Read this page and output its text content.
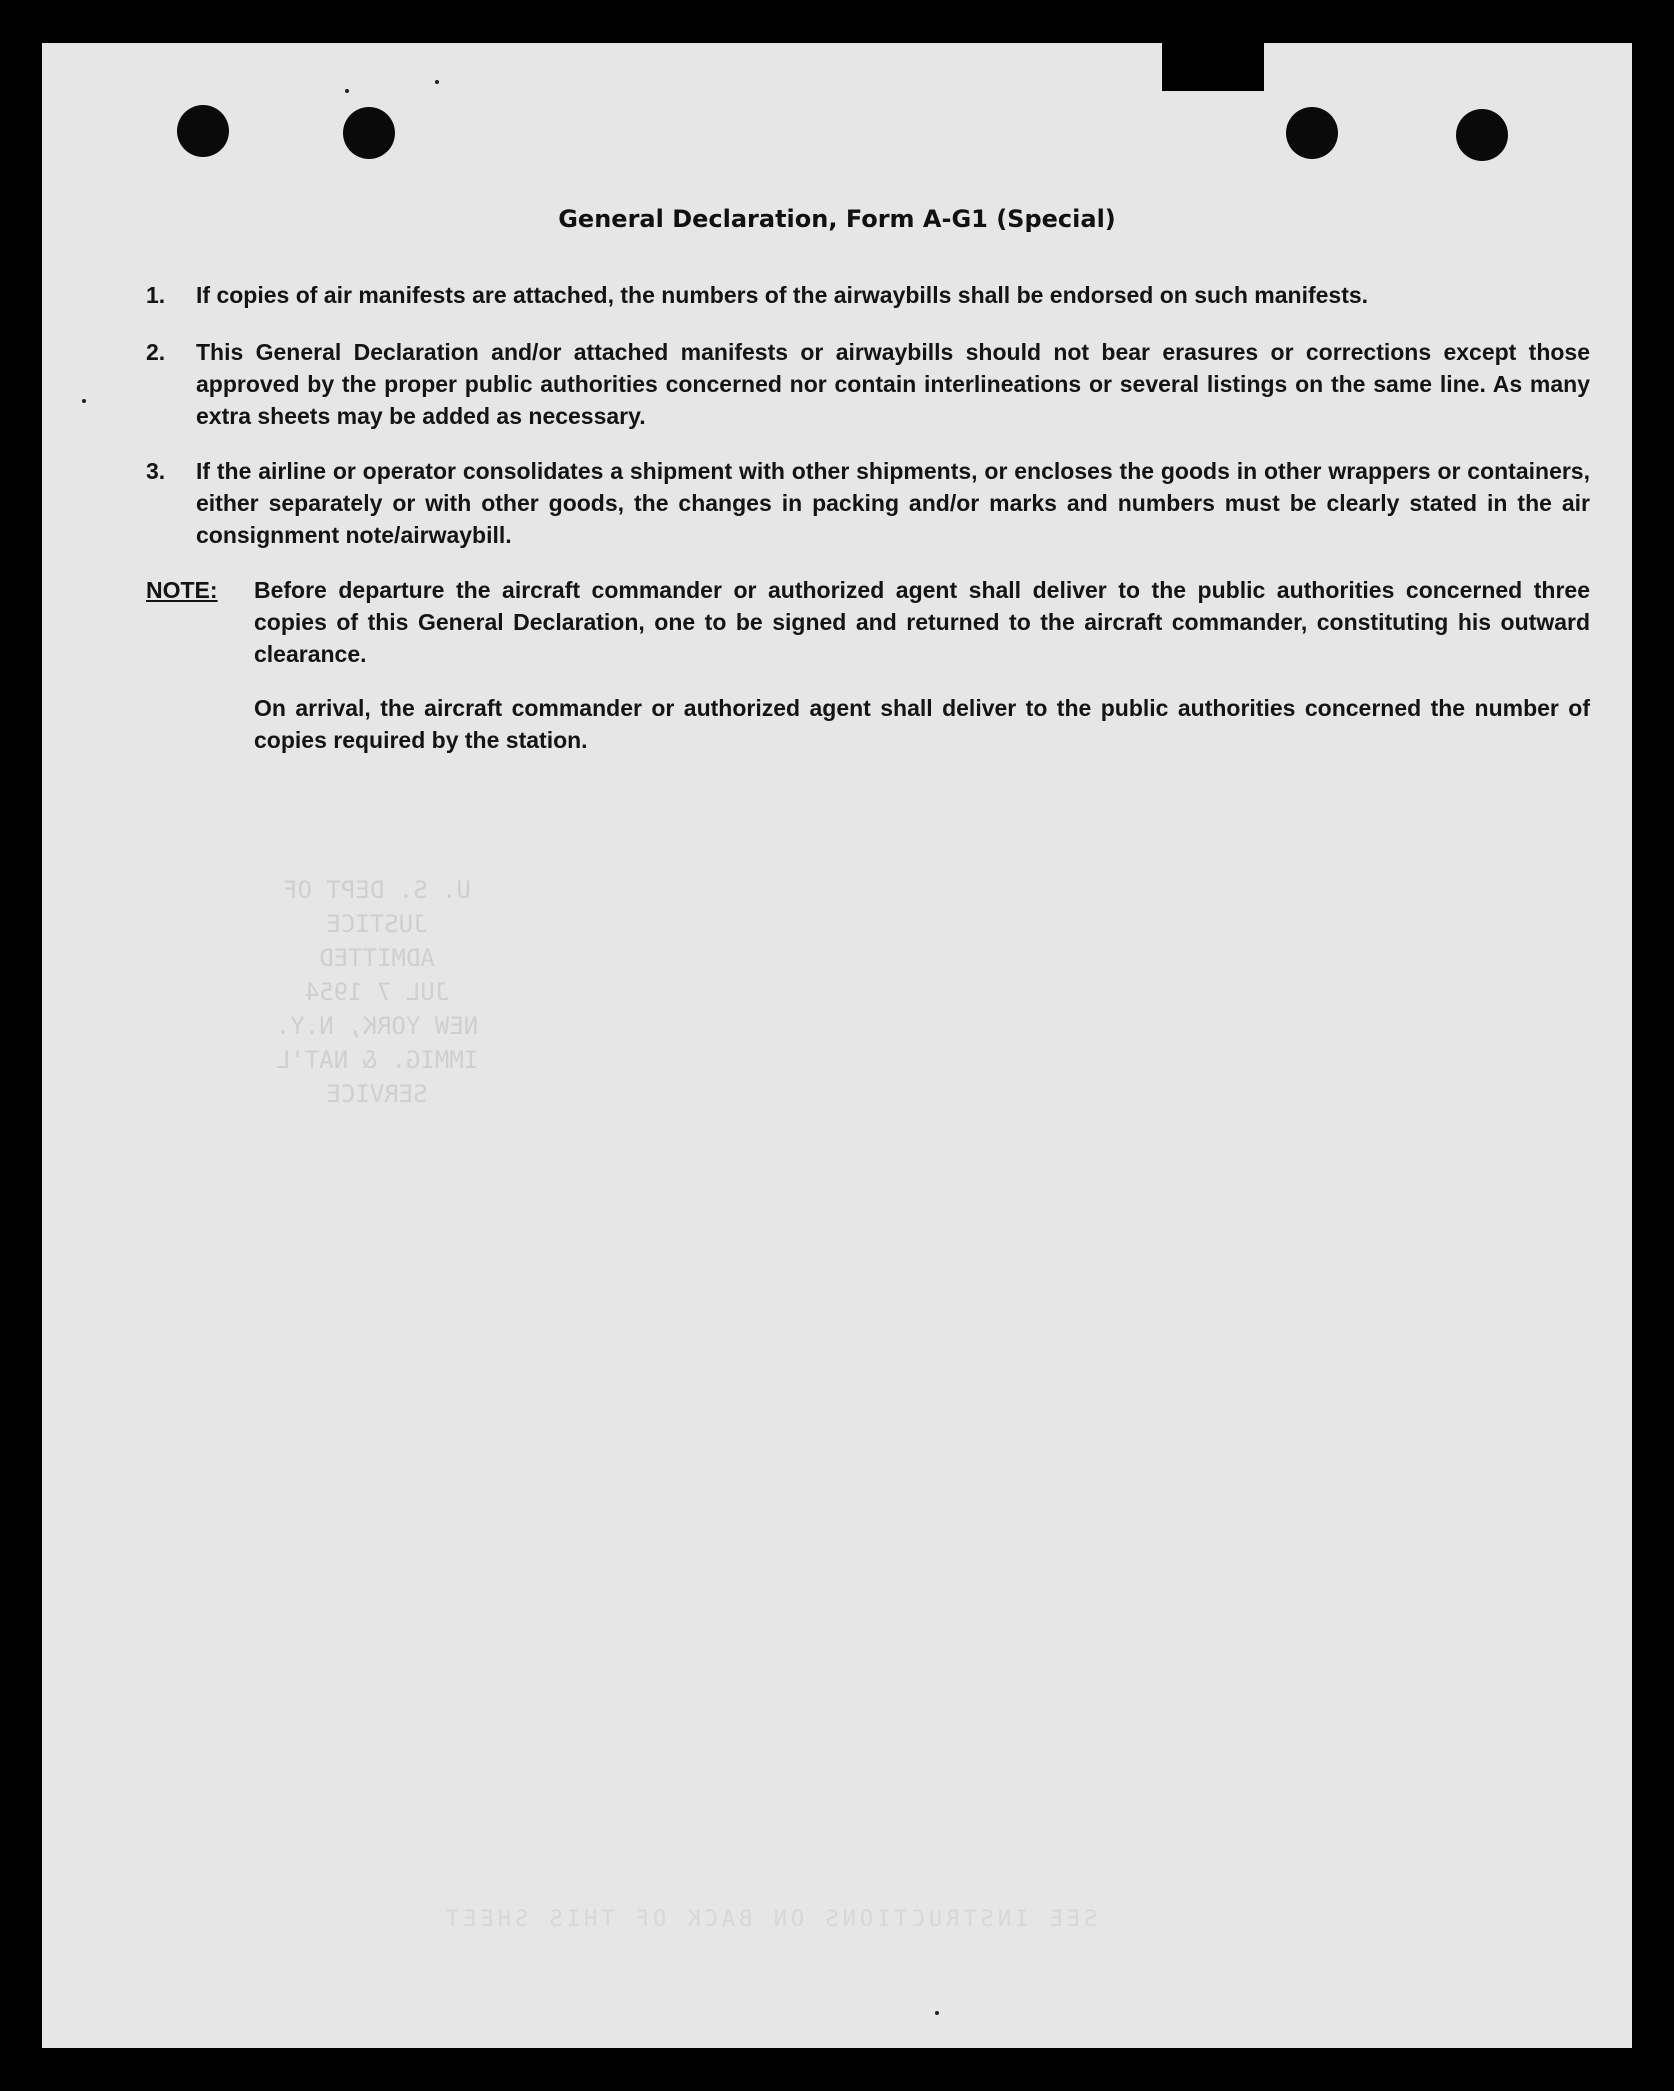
U. S. DEPT OF JUSTICE
ADMITTED
JUL 7 1954
NEW YORK, N.Y.
IMMIG. & NAT'L SERVICE
SEE INSTRUCTIONS ON BACK OF THIS SHEET
General Declaration, Form A-G1 (Special)
1. If copies of air manifests are attached, the numbers of the airwaybills shall be endorsed on such manifests.
2. This General Declaration and/or attached manifests or airwaybills should not bear erasures or corrections except those approved by the proper public authorities concerned nor contain interlineations or several listings on the same line. As many extra sheets may be added as necessary.
3. If the airline or operator consolidates a shipment with other shipments, or encloses the goods in other wrappers or containers, either separately or with other goods, the changes in packing and/or marks and numbers must be clearly stated in the air consignment note/airwaybill.
NOTE: Before departure the aircraft commander or authorized agent shall deliver to the public authorities concerned three copies of this General Declaration, one to be signed and returned to the aircraft commander, constituting his outward clearance.
On arrival, the aircraft commander or authorized agent shall deliver to the public authorities concerned the number of copies required by the station.
